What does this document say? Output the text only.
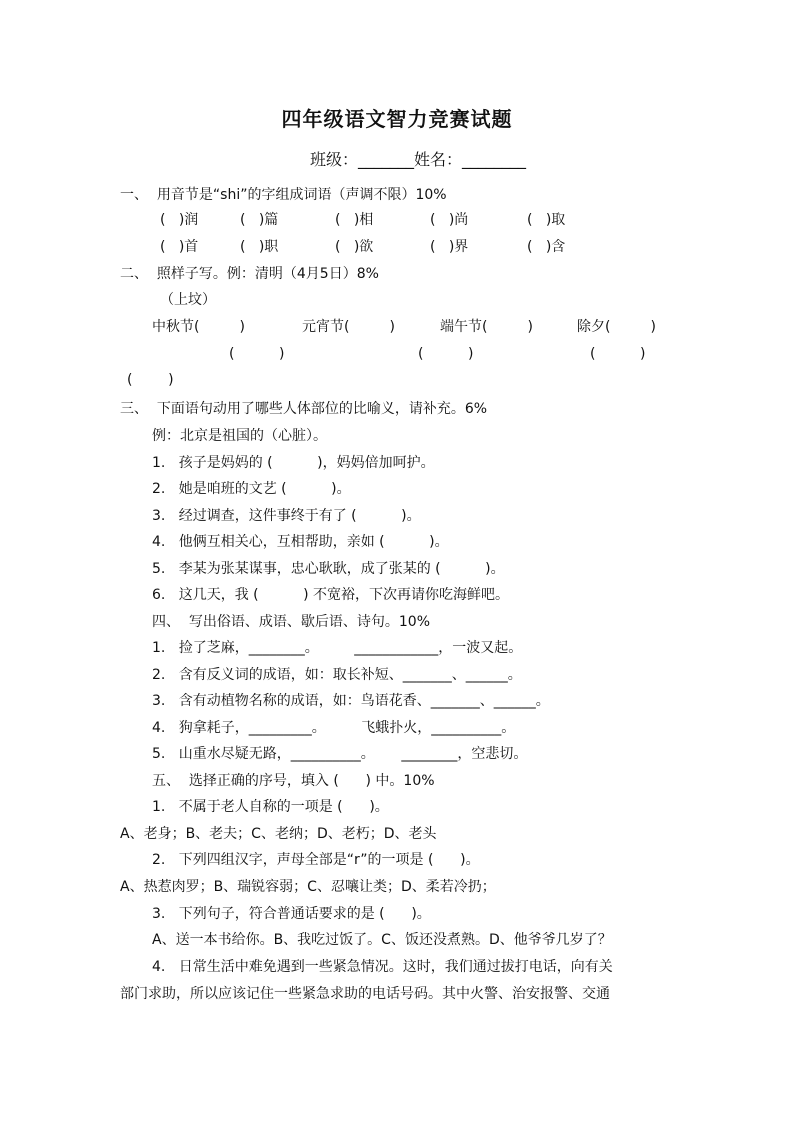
四年级语文智力竞赛试题
班级：_______姓名：________
一、  用音节是“shi”的字组成词语（声调不限）10%
(   )润	(   )篇	(   )相	(   )尚	(   )取
(   )首	(   )职	(   )欲	(   )界	(   )含
二、  照样子写。例：清明（4月5日）8%
（上坟）
中秋节(         )	元宵节(         )	端午节(         )	除夕(         )
(          )	(          )	(          )
(        )
三、  下面语句动用了哪些人体部位的比喻义，请补充。6%
例：北京是祖国的（心脏）。
1.   孩子是妈妈的 (          )，妈妈倍加呵护。
2.   她是咱班的文艺 (          )。
3.   经过调查，这件事终于有了 (          )。
4.   他俩互相关心，互相帮助，亲如 (          )。
5.   李某为张某谋事，忠心耿耿，成了张某的 (          )。
6.   这几天，我 (          ) 不宽裕，下次再请你吃海鲜吧。
四、  写出俗语、成语、歇后语、诗句。10%
1.   捡了芝麻，________。        ____________，一波又起。
2.   含有反义词的成语，如：取长补短、_______、______。
3.   含有动植物名称的成语，如：鸟语花香、_______、______。
4.   狗拿耗子，_________。        飞蛾扑火，__________。
5.   山重水尽疑无路，__________。      ________，空悲切。
五、  选择正确的序号，填入 (      ) 中。10%
1.   不属于老人自称的一项是 (      )。
A、老身；B、老夫；C、老纳；D、老朽；D、老头
2.   下列四组汉字，声母全部是“r”的一项是 (      )。
A、热惹肉罗；B、瑞锐容弱；C、忍嚷让类；D、柔若冷扔；
3.   下列句子，符合普通话要求的是 (      )。
A、送一本书给你。B、我吃过饭了。C、饭还没煮熟。D、他爷爷几岁了？
4.   日常生活中难免遇到一些紧急情况。这时，我们通过拔打电话，向有关
部门求助，所以应该记住一些紧急求助的电话号码。其中火警、治安报警、交通
